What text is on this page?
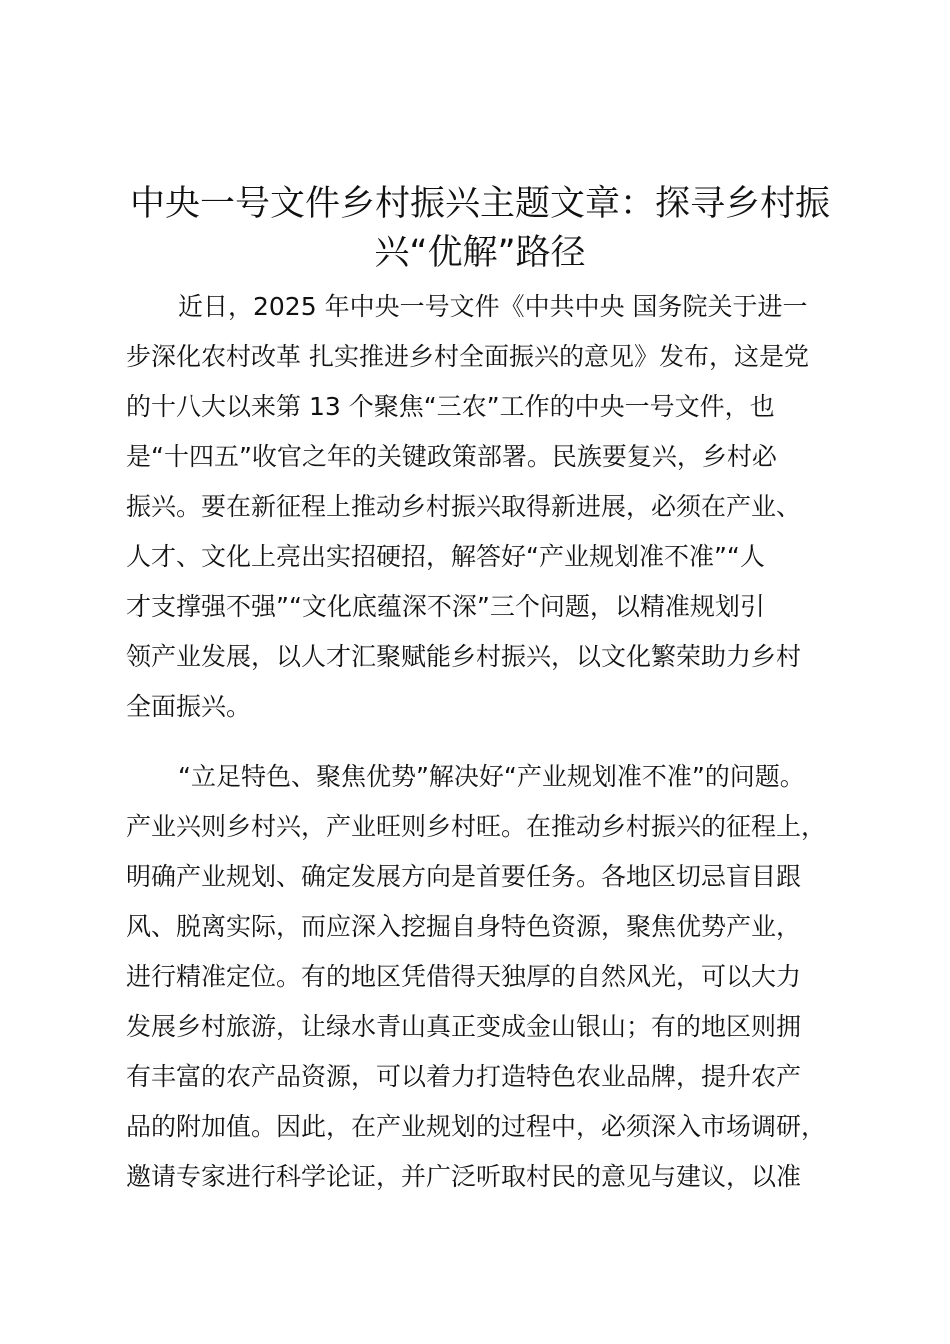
中央一号文件乡村振兴主题文章：探寻乡村振
兴“优解”路径

近日，2025 年中央一号文件《中共中央 国务院关于进一
步深化农村改革 扎实推进乡村全面振兴的意见》发布，这是党
的十八大以来第 13 个聚焦“三农”工作的中央一号文件，也
是“十四五”收官之年的关键政策部署。民族要复兴，乡村必
振兴。要在新征程上推动乡村振兴取得新进展，必须在产业、
人才、文化上亮出实招硬招，解答好“产业规划准不准”“人
才支撑强不强”“文化底蕴深不深”三个问题，以精准规划引
领产业发展，以人才汇聚赋能乡村振兴，以文化繁荣助力乡村
全面振兴。

“立足特色、聚焦优势”解决好“产业规划准不准”的问题。
产业兴则乡村兴，产业旺则乡村旺。在推动乡村振兴的征程上，
明确产业规划、确定发展方向是首要任务。各地区切忌盲目跟
风、脱离实际，而应深入挖掘自身特色资源，聚焦优势产业，
进行精准定位。有的地区凭借得天独厚的自然风光，可以大力
发展乡村旅游，让绿水青山真正变成金山银山；有的地区则拥
有丰富的农产品资源，可以着力打造特色农业品牌，提升农产
品的附加值。因此，在产业规划的过程中，必须深入市场调研，
邀请专家进行科学论证，并广泛听取村民的意见与建议，以准
